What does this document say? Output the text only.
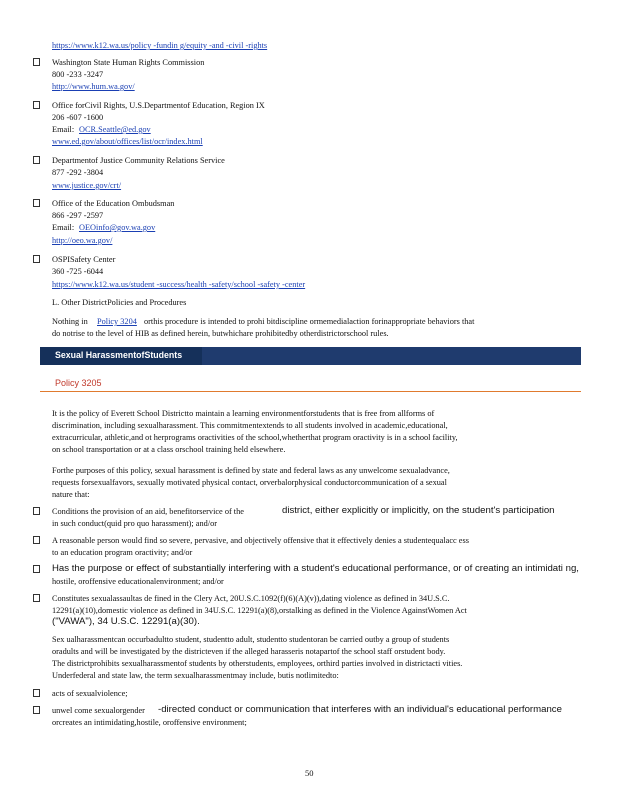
https://www.k12.wa.us/policy -fundin g/equity -and -civil -rights
Washington State Human Rights Commission
800 -233 -3247
http://www.hum.wa.gov/
Office forCivil Rights, U.S.Departmentof Education, Region IX
206 -607 -1600
Email: OCR.Seattle@ed.gov
www.ed.gov/about/offices/list/ocr/index.html
Departmentof Justice Community Relations Service
877 -292 -3804
www.justice.gov/crt/
Office of the Education Ombudsman
866 -297 -2597
Email: OEOinfo@gov.wa.gov
http://oeo.wa.gov/
OSPISafety Center
360 -725 -6044
https://www.k12.wa.us/student -success/health -safety/school -safety -center
L. Other DistrictPolicies and Procedures
Nothing in Policy 3204 orthis procedure is intended to prohi bitdiscipline ormemedialaction forinappropriate behaviors that
do notrise to the level of HIB as defined herein, butwhichare prohibitedby otherdistrictorschool rules.
Sexual HarassmentofStudents
Policy 3205
It is the policy of Everett School Districtto maintain a learning environmentforstudents that is free from allforms of
discrimination, including sexualharassment. This commitmentextends to all students involved in academic,educational,
extracurricular, athletic,and ot herprograms oractivities of the school,whetherthat program oractivity is in a school facility,
on school transportation or at a class orschool training held elsewhere.
Forthe purposes of this policy, sexual harassment is defined by state and federal laws as any unwelcome sexualadvance,
requests forsexualfavors, sexually motivated physical contact, orverbalorphysical conductorcommunication of a sexual
nature that:
Conditions the provision of an aid, benefitorservice of the	district, either explicitly or implicitly, on the student's participation
in such conduct(quid pro quo harassment); and/or
A reasonable person would find so severe, pervasive, and objectively offensive that it effectively denies a studentequalacc ess
to an education program oractivity; and/or
Has the purpose or effect of substantially interfering with a student's educational performance, or of creating an intimidati ng,
hostile, oroffensive educationalenvironment; and/or
Constitutes sexualassaultas de fined in the Clery Act, 20U.S.C.1092(f)(6)(A)(v)),dating violence as defined in 34U.S.C.
12291(a)(10),domestic violence as defined in 34U.S.C. 12291(a)(8),orstalking as defined in the Violence AgainstWomen Act
("VAWA"), 34 U.S.C. 12291(a)(30).
Sex ualharassmentcan occurbadultto student, studentto adult, studentto studentoran be carried outby a group of students
oradults and will be investigated by the districteven if the alleged harasseris notapartof the school staff orstudent body.
The districtprohibits sexualharassmentof students by otherstudents, employees, orthird parties involved in districtacti vities.
Underfederal and state law, the term sexualharassmentmay include, butis notlimitedto:
acts of sexualviolence;
unwel come sexualorgender -directed conduct or communication that interferes with an individual's educational performance
orcreates an intimidating,hostile, oroffensive environment;
50
